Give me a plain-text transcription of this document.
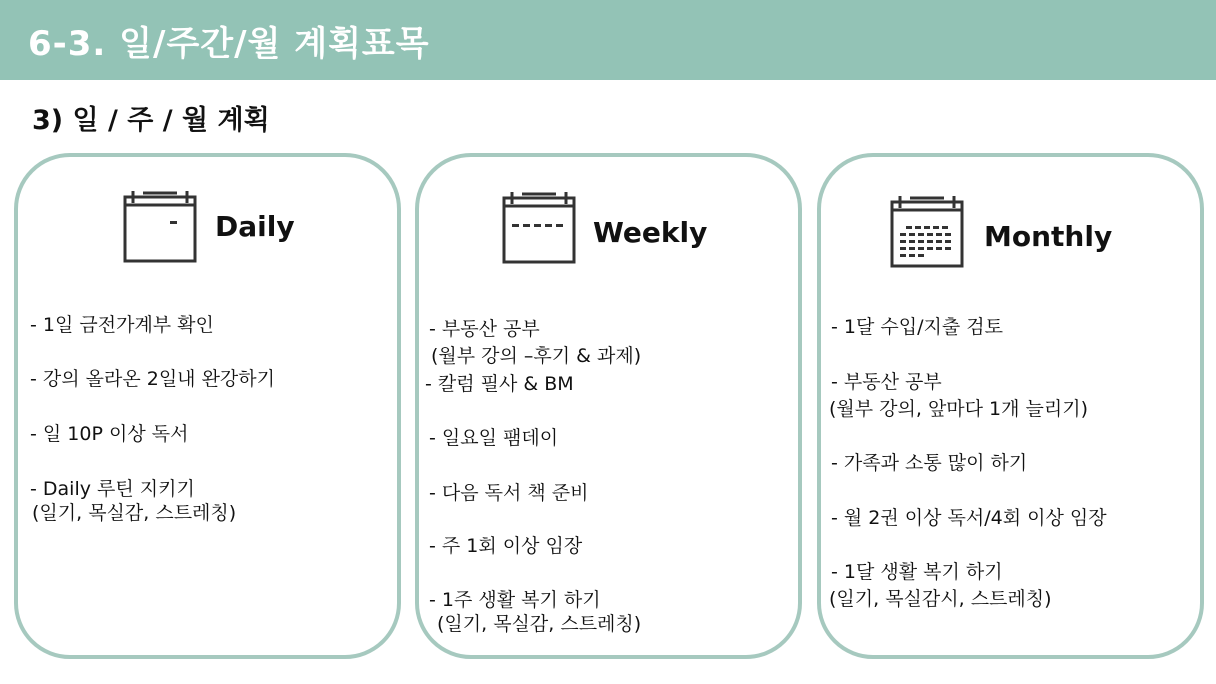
6-3. 일/주간/월 계획표목
3) 일 / 주 / 월 계획
Daily
- 1일 금전가계부 확인
- 강의 올라온 2일내 완강하기
- 일 10P 이상 독서
- Daily 루틴 지키기
(일기, 목실감, 스트레칭)
Weekly
- 부동산 공부
(월부 강의 –후기 & 과제)
- 칼럼 필사 & BM
- 일요일 팸데이
- 다음 독서 책 준비
- 주 1회 이상 임장
- 1주 생활 복기 하기
(일기, 목실감, 스트레칭)
Monthly
- 1달 수입/지출 검토
- 부동산 공부
(월부 강의, 앞마다 1개 늘리기)
- 가족과 소통 많이 하기
- 월 2권 이상 독서/4회 이상 임장
- 1달 생활 복기 하기
(일기, 목실감시, 스트레칭)
